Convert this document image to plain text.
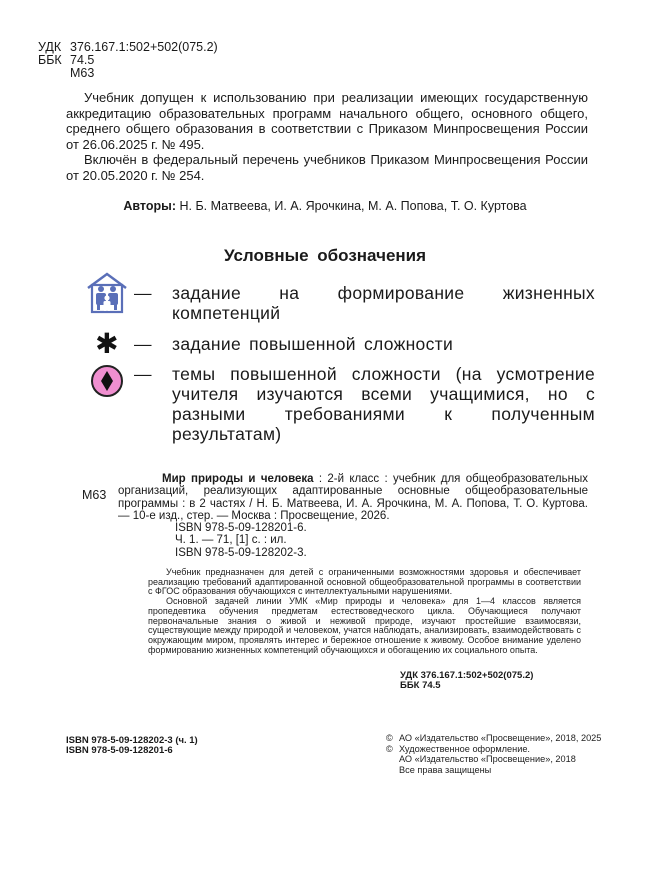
УДК 376.167.1:502+502(075.2)
ББК 74.5
М63

Учебник допущен к использованию при реализации имеющих государственную аккредитацию образовательных программ начального общего, основного общего, среднего общего образования в соответствии с Приказом Минпросвещения России от 26.06.2025 г. № 495.

Включён в федеральный перечень учебников Приказом Минпросвещения России от 20.05.2020 г. № 254.

Авторы: Н. Б. Матвеева, И. А. Ярочкина, М. А. Попова, Т. О. Куртова
Условные обозначения
—	задание на формирование жизненных компетенций
✱ —	задание повышенной сложности
—	темы повышенной сложности (на усмотрение учителя изучаются всеми учащимися, но с разными требованиями к полученным результатам)
М63

Мир природы и человека : 2-й класс : учебник для общеобразовательных организаций, реализующих адаптированные основные общеобразовательные программы : в 2 частях / Н. Б. Матвеева, И. А. Ярочкина, М. А. Попова, Т. О. Куртова. — 10-е изд., стер. — Москва : Просвещение, 2026.

ISBN 978-5-09-128201-6.

Ч. 1. — 71, [1] с. : ил.

ISBN 978-5-09-128202-3.

Учебник предназначен для детей с ограниченными возможностями здоровья и обеспечивает реализацию требований адаптированной основной общеобразовательной программы в соответствии с ФГОС образования обучающихся с интеллектуальными нарушениями.

Основной задачей линии УМК «Мир природы и человека» для 1—4 классов является пропедевтика обучения предметам естествоведческого цикла. Обучающиеся получают первоначальные знания о живой и неживой природе, изучают простейшие взаимосвязи, существующие между природой и человеком, учатся наблюдать, анализировать, взаимодействовать с окружающим миром, проявлять интерес и бережное отношение к живому. Особое внимание уделено формированию жизненных компетенций обучающихся и обогащению их социального опыта.

УДК 376.167.1:502+502(075.2)
ББК 74.5
ISBN 978-5-09-128202-3 (ч. 1)
ISBN 978-5-09-128201-6
© АО «Издательство «Просвещение», 2018, 2025
© Художественное оформление.
АО «Издательство «Просвещение», 2018
Все права защищены
